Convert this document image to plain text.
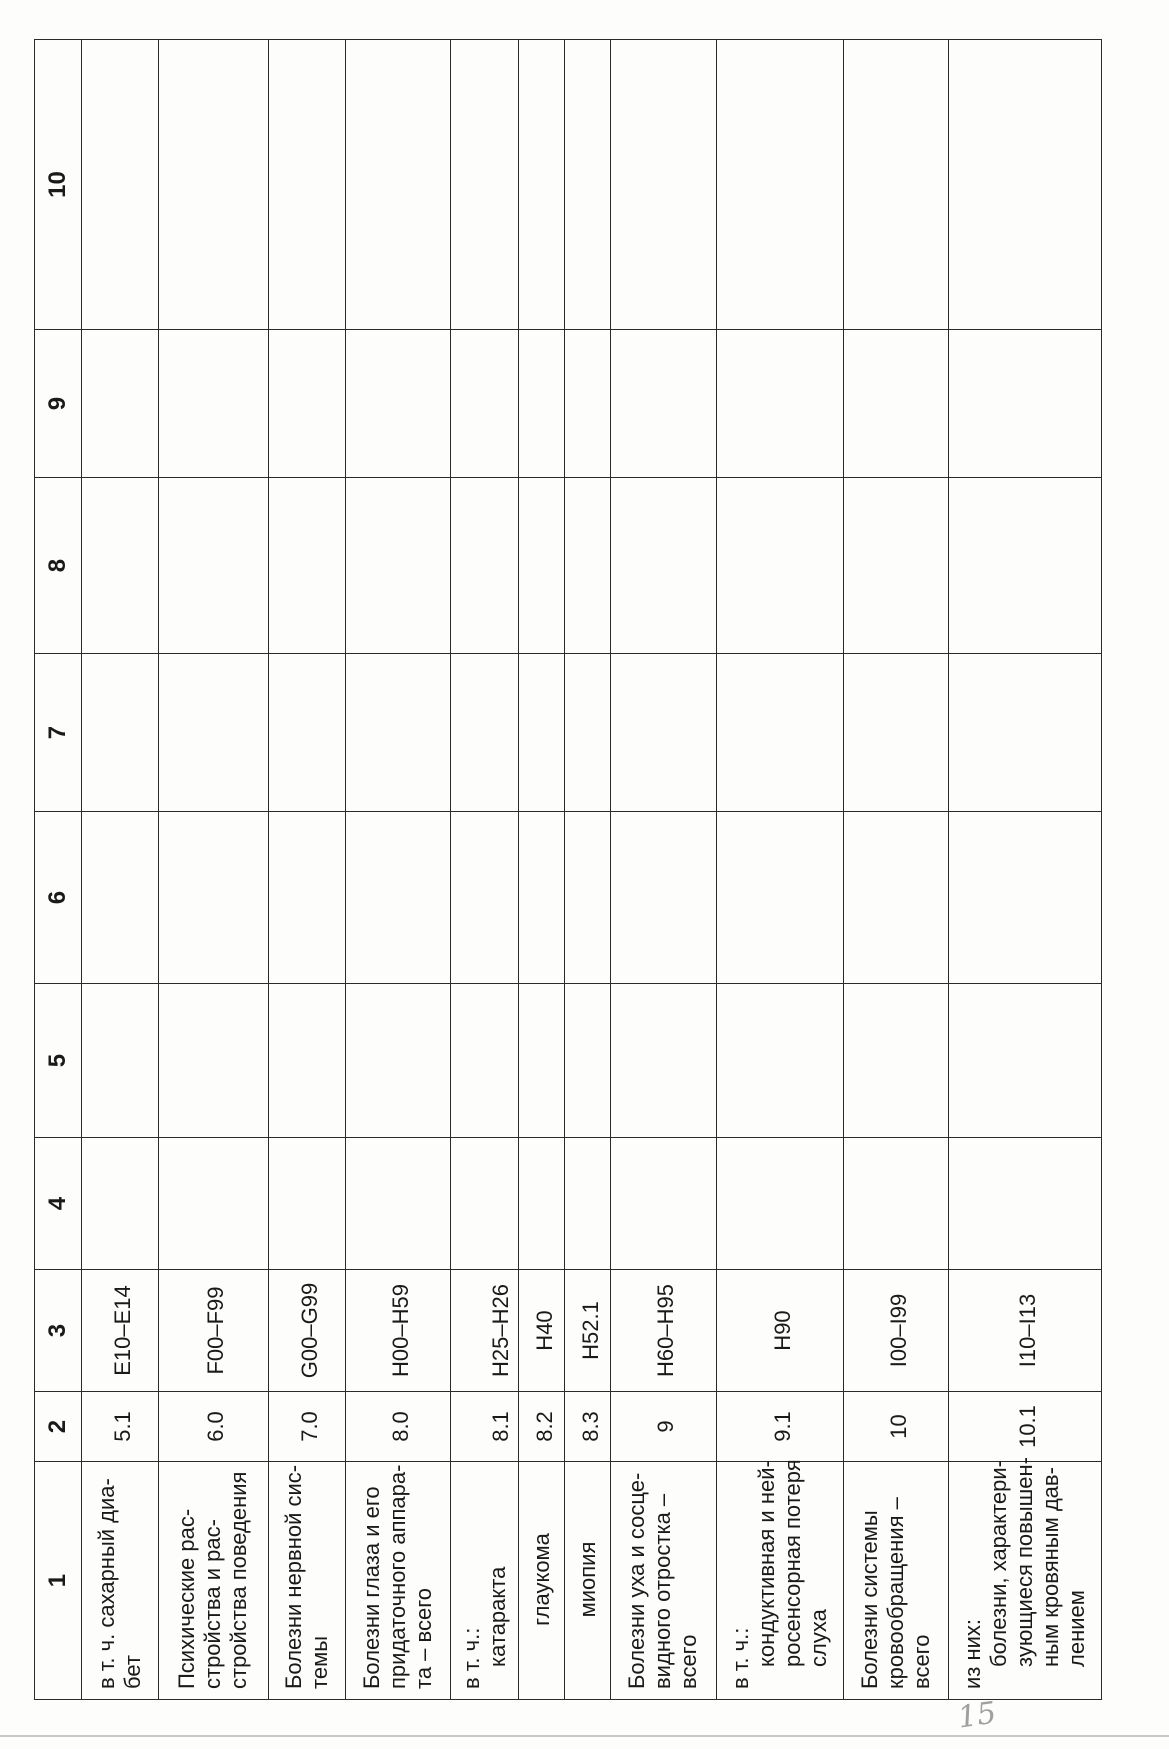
1	2	3	4	5	6	7	8	9	10

в т. ч. сахарный диа- бет	5.1	E10–E14							

Психические рас- стройства и рас- стройства поведения	6.0	F00–F99							

Болезни нервной сис- темы	7.0	G00–G99							

Болезни глаза и его придаточного аппара- та – всего	8.0	H00–H59							

в т. ч.: катаракта	8.1	H25–H26							

глаукома	8.2	H40							

миопия	8.3	H52.1							

Болезни уха и сосце- видного отростка – всего	9	H60–H95							

в т. ч.: кондуктивная и ней- росенсорная потеря слуха	9.1	H90							

Болезни системы кровообращения – всего	10	I00–I99							

из них: болезни, характери- зующиеся повышен- ным кровяным дав- лением	10.1	I10–I13							
15
